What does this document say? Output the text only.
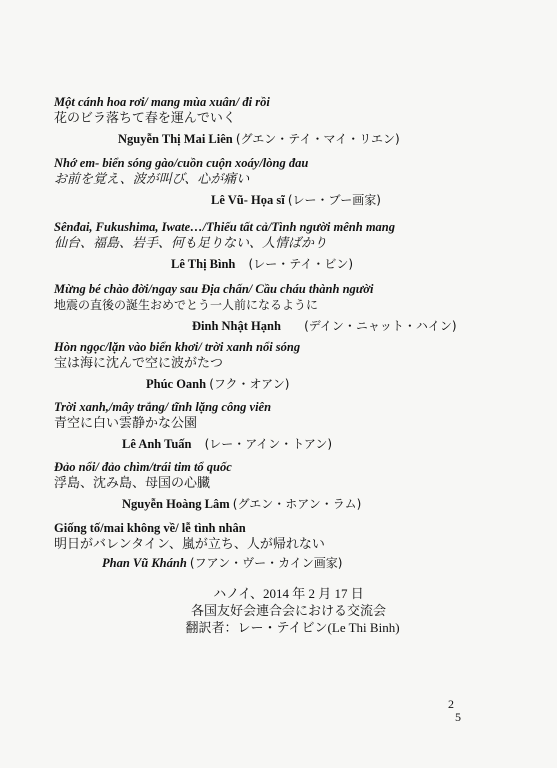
Một cánh hoa rơi/ mang mùa xuân/ đi rồi
花のビラ落ちて春を運んでいく
Nguyễn Thị Mai Liên (グエン・テイ・マイ・リエン)
Nhớ em- biển sóng gào/cuồn cuộn xoáy/lòng đau
お前を覚え、波が叫び、心が痛い
Lê Vũ- Họa sĩ (レー・ブー画家)
Sênđai, Fukushima, Iwate…/Thiếu tất cả/Tình người mênh mang
仙台、福島、岩手、何も足りない、人情ばかり
Lê Thị Bình (レー・テイ・ビン)
Mừng bé chào đời/ngay sau Địa chấn/ Cầu cháu thành người
地震の直後の誕生おめでとう一人前になるように
Đinh Nhật Hạnh (デイン・ニャット・ハイン)
Hòn ngọc/lặn vào biển khơi/ trời xanh nổi sóng
宝は海に沈んで空に波がたつ
Phúc Oanh (フク・オアン)
Trời xanh,/mây trắng/ tĩnh lặng công viên
青空に白い雲静かな公園
Lê Anh Tuấn (レー・アイン・トアン)
Đảo nổi/ đảo chìm/trái tim tổ quốc
浮島、沈み島、母国の心臓
Nguyễn Hoàng Lâm (グエン・ホアン・ラム)
Giống tố/mai không về/ lễ tình nhân
明日がバレンタイン、嵐が立ち、人が帰れない
Phan Vũ Khánh (フアン・ヴー・カイン画家)
ハノイ、2014 年 2 月 17 日
各国友好会連合会における交流会
翻訳者：レー・テイビン(Le Thi Binh)
2
5
